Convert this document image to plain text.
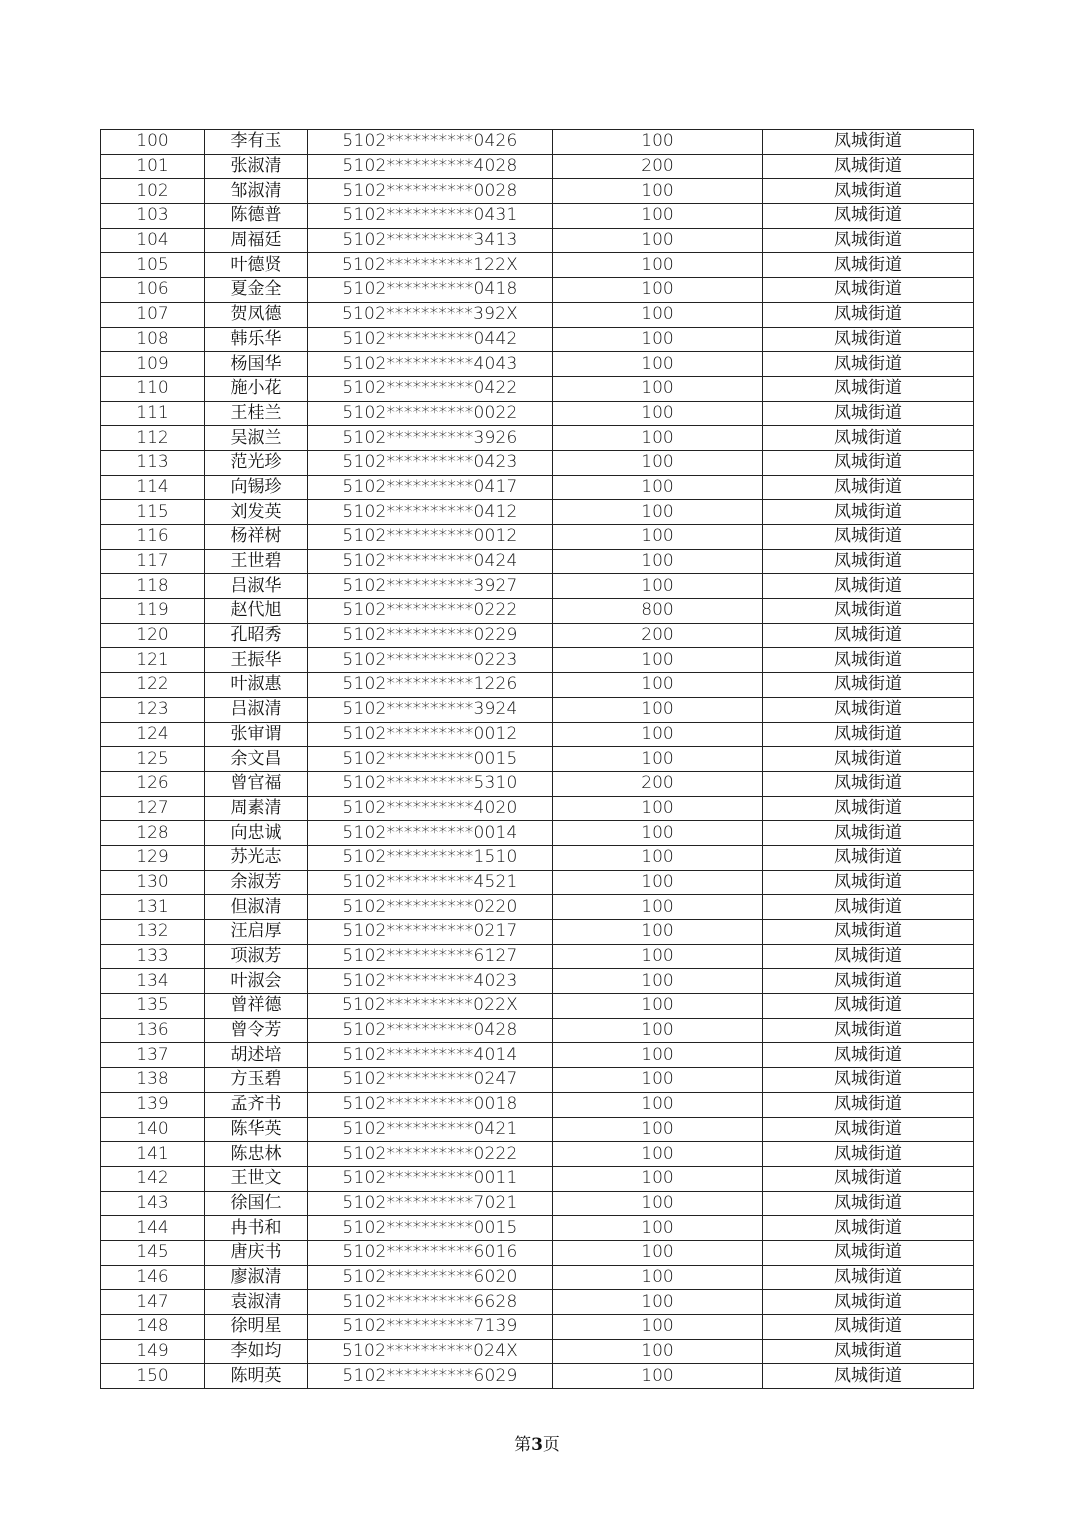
100	李有玉	5102**********0426	100	凤城街道
101	张淑清	5102**********4028	200	凤城街道
102	邹淑清	5102**********0028	100	凤城街道
103	陈德普	5102**********0431	100	凤城街道
104	周福廷	5102**********3413	100	凤城街道
105	叶德贤	5102**********122X	100	凤城街道
106	夏金全	5102**********0418	100	凤城街道
107	贺凤德	5102**********392X	100	凤城街道
108	韩乐华	5102**********0442	100	凤城街道
109	杨国华	5102**********4043	100	凤城街道
110	施小花	5102**********0422	100	凤城街道
111	王桂兰	5102**********0022	100	凤城街道
112	吴淑兰	5102**********3926	100	凤城街道
113	范光珍	5102**********0423	100	凤城街道
114	向锡珍	5102**********0417	100	凤城街道
115	刘发英	5102**********0412	100	凤城街道
116	杨祥树	5102**********0012	100	凤城街道
117	王世碧	5102**********0424	100	凤城街道
118	吕淑华	5102**********3927	100	凤城街道
119	赵代旭	5102**********0222	800	凤城街道
120	孔昭秀	5102**********0229	200	凤城街道
121	王振华	5102**********0223	100	凤城街道
122	叶淑惠	5102**********1226	100	凤城街道
123	吕淑清	5102**********3924	100	凤城街道
124	张审谓	5102**********0012	100	凤城街道
125	余文昌	5102**********0015	100	凤城街道
126	曾官福	5102**********5310	200	凤城街道
127	周素清	5102**********4020	100	凤城街道
128	向忠诚	5102**********0014	100	凤城街道
129	苏光志	5102**********1510	100	凤城街道
130	余淑芳	5102**********4521	100	凤城街道
131	但淑清	5102**********0220	100	凤城街道
132	汪启厚	5102**********0217	100	凤城街道
133	项淑芳	5102**********6127	100	凤城街道
134	叶淑会	5102**********4023	100	凤城街道
135	曾祥德	5102**********022X	100	凤城街道
136	曾令芳	5102**********0428	100	凤城街道
137	胡述培	5102**********4014	100	凤城街道
138	方玉碧	5102**********0247	100	凤城街道
139	孟齐书	5102**********0018	100	凤城街道
140	陈华英	5102**********0421	100	凤城街道
141	陈忠林	5102**********0222	100	凤城街道
142	王世文	5102**********0011	100	凤城街道
143	徐国仁	5102**********7021	100	凤城街道
144	冉书和	5102**********0015	100	凤城街道
145	唐庆书	5102**********6016	100	凤城街道
146	廖淑清	5102**********6020	100	凤城街道
147	袁淑清	5102**********6628	100	凤城街道
148	徐明星	5102**********7139	100	凤城街道
149	李如均	5102**********024X	100	凤城街道
150	陈明英	5102**********6029	100	凤城街道
第3页
